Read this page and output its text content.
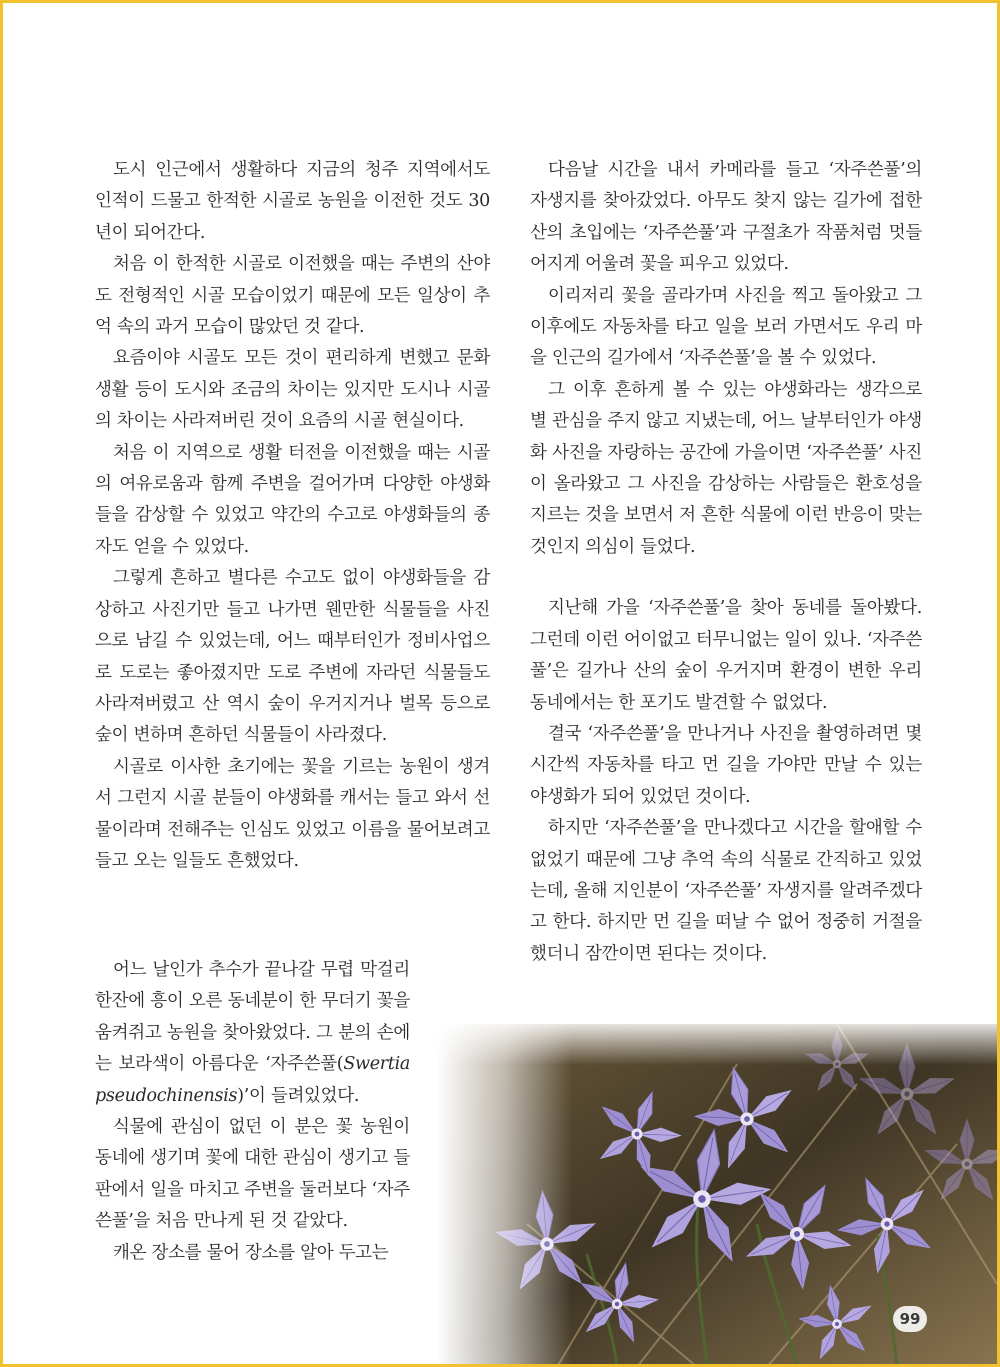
도시 인근에서 생활하다 지금의 청주 지역에서도 인적이 드물고 한적한 시골로 농원을 이전한 것도 30년이 되어간다.

처음 이 한적한 시골로 이전했을 때는 주변의 산야도 전형적인 시골 모습이었기 때문에 모든 일상이 추억 속의 과거 모습이 많았던 것 같다.

요즘이야 시골도 모든 것이 편리하게 변했고 문화생활 등이 도시와 조금의 차이는 있지만 도시나 시골의 차이는 사라져버린 것이 요즘의 시골 현실이다.

처음 이 지역으로 생활 터전을 이전했을 때는 시골의 여유로움과 함께 주변을 걸어가며 다양한 야생화들을 감상할 수 있었고 약간의 수고로 야생화들의 종자도 얻을 수 있었다.

그렇게 흔하고 별다른 수고도 없이 야생화들을 감상하고 사진기만 들고 나가면 웬만한 식물들을 사진으로 남길 수 있었는데, 어느 때부터인가 정비사업으로 도로는 좋아졌지만 도로 주변에 자라던 식물들도 사라져버렸고 산 역시 숲이 우거지거나 벌목 등으로 숲이 변하며 흔하던 식물들이 사라졌다.

시골로 이사한 초기에는 꽃을 기르는 농원이 생겨서 그런지 시골 분들이 야생화를 캐서는 들고 와서 선물이라며 전해주는 인심도 있었고 이름을 물어보려고 들고 오는 일들도 흔했었다.

어느 날인가 추수가 끝나갈 무렵 막걸리 한잔에 흥이 오른 동네분이 한 무더기 꽃을 움켜쥐고 농원을 찾아왔었다. 그 분의 손에는 보라색이 아름다운 ‘자주쓴풀(Swertia pseudochinensis)’이 들려있었다.

식물에 관심이 없던 이 분은 꽃 농원이 동네에 생기며 꽃에 대한 관심이 생기고 들판에서 일을 마치고 주변을 둘러보다 ‘자주쓴풀’을 처음 만나게 된 것 같았다.

캐온 장소를 물어 장소를 알아 두고는

다음날 시간을 내서 카메라를 들고 ‘자주쓴풀’의 자생지를 찾아갔었다. 아무도 찾지 않는 길가에 접한 산의 초입에는 ‘자주쓴풀’과 구절초가 작품처럼 멋들어지게 어울려 꽃을 피우고 있었다.

이리저리 꽃을 골라가며 사진을 찍고 돌아왔고 그 이후에도 자동차를 타고 일을 보러 가면서도 우리 마을 인근의 길가에서 ‘자주쓴풀’을 볼 수 있었다.

그 이후 흔하게 볼 수 있는 야생화라는 생각으로 별 관심을 주지 않고 지냈는데, 어느 날부터인가 야생화 사진을 자랑하는 공간에 가을이면 ‘자주쓴풀’ 사진이 올라왔고 그 사진을 감상하는 사람들은 환호성을 지르는 것을 보면서 저 흔한 식물에 이런 반응이 맞는 것인지 의심이 들었다.

지난해 가을 ‘자주쓴풀’을 찾아 동네를 돌아봤다. 그런데 이런 어이없고 터무니없는 일이 있나. ‘자주쓴풀’은 길가나 산의 숲이 우거지며 환경이 변한 우리 동네에서는 한 포기도 발견할 수 없었다.

결국 ‘자주쓴풀’을 만나거나 사진을 촬영하려면 몇 시간씩 자동차를 타고 먼 길을 가야만 만날 수 있는 야생화가 되어 있었던 것이다.

하지만 ‘자주쓴풀’을 만나겠다고 시간을 할애할 수 없었기 때문에 그냥 추억 속의 식물로 간직하고 있었는데, 올해 지인분이 ‘자주쓴풀’ 자생지를 알려주겠다고 한다. 하지만 먼 길을 떠날 수 없어 정중히 거절을 했더니 잠깐이면 된다는 것이다.

99
